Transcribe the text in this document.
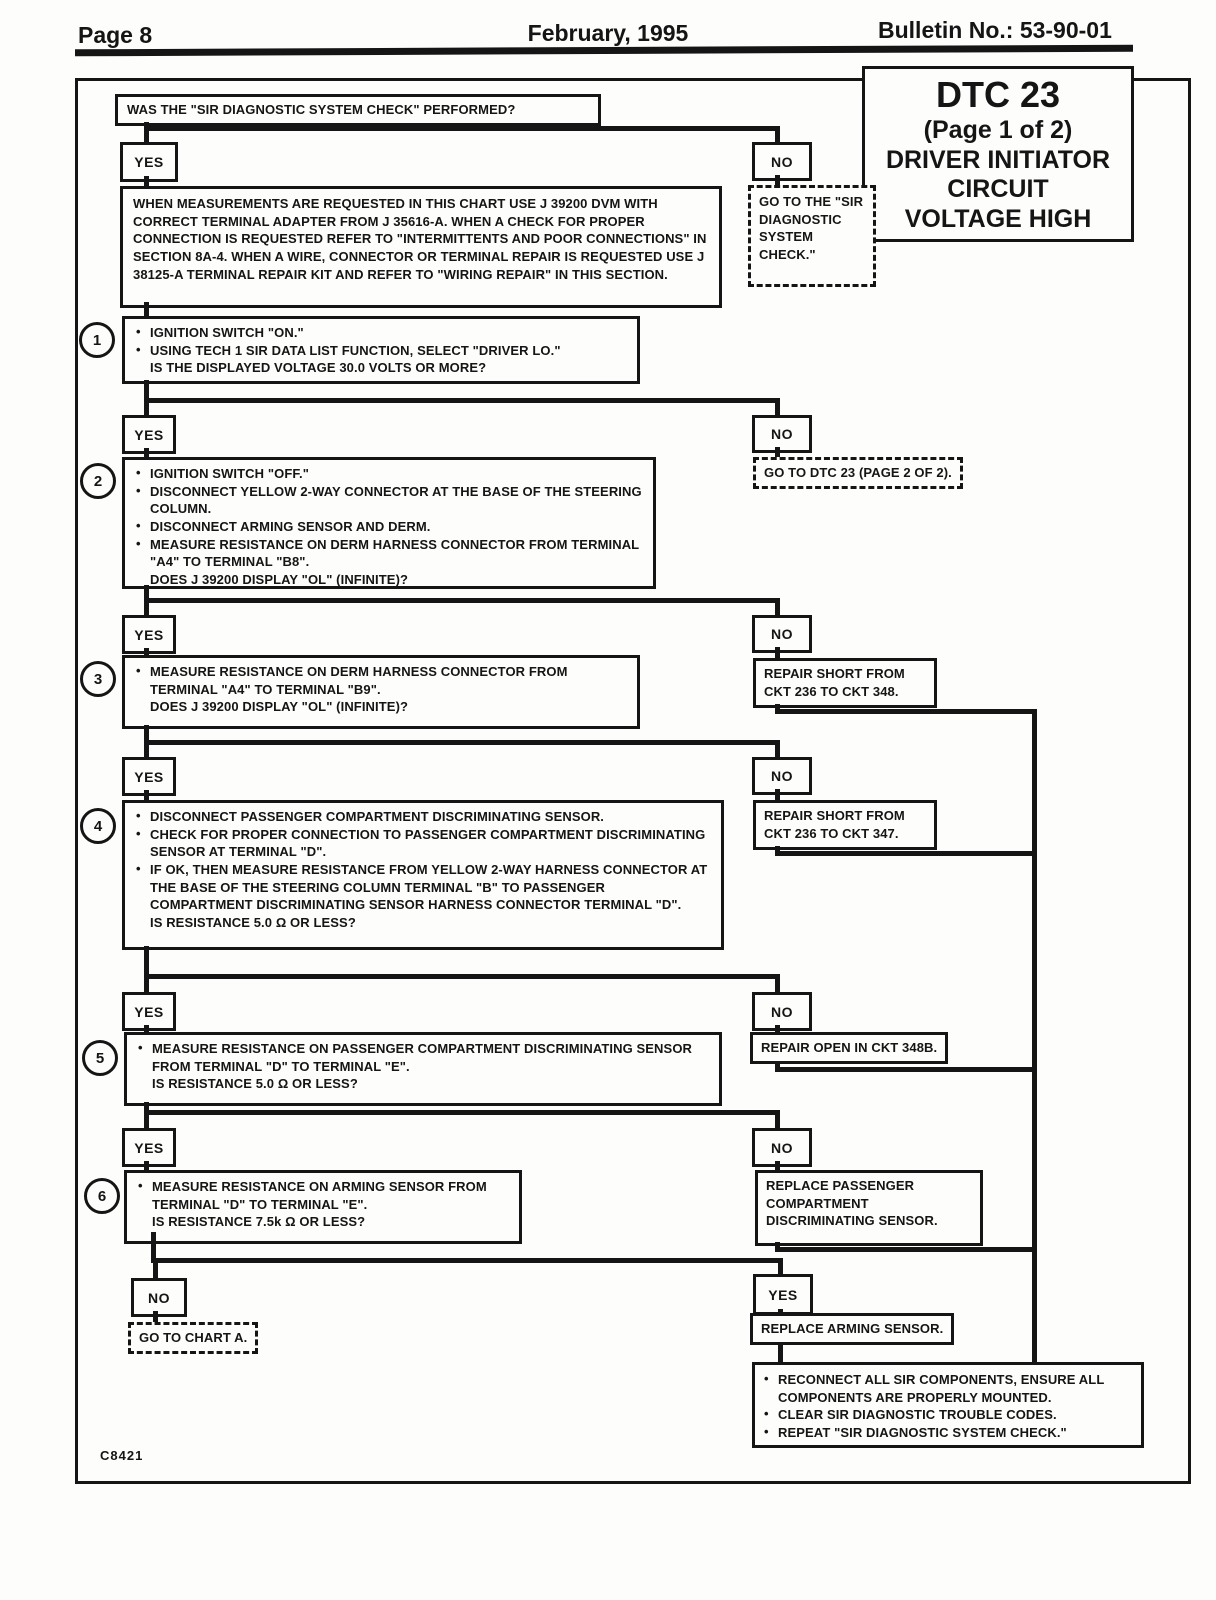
Page 8	February, 1995	Bulletin No.: 53-90-01
DTC 23
(Page 1 of 2)
DRIVER INITIATOR
CIRCUIT
VOLTAGE HIGH
WAS THE "SIR DIAGNOSTIC SYSTEM CHECK" PERFORMED?
YES	NO
GO TO THE "SIR DIAGNOSTIC SYSTEM CHECK."
WHEN MEASUREMENTS ARE REQUESTED IN THIS CHART USE J 39200 DVM WITH CORRECT TERMINAL ADAPTER FROM J 35616-A. WHEN A CHECK FOR PROPER CONNECTION IS REQUESTED REFER TO "INTERMITTENTS AND POOR CONNECTIONS" IN SECTION 8A-4. WHEN A WIRE, CONNECTOR OR TERMINAL REPAIR IS REQUESTED USE J 38125-A TERMINAL REPAIR KIT AND REFER TO "WIRING REPAIR" IN THIS SECTION.
1	• IGNITION SWITCH "ON."
• USING TECH 1 SIR DATA LIST FUNCTION, SELECT "DRIVER LO."
IS THE DISPLAYED VOLTAGE 30.0 VOLTS OR MORE?
YES	NO
GO TO DTC 23 (PAGE 2 OF 2).
2	• IGNITION SWITCH "OFF."
• DISCONNECT YELLOW 2-WAY CONNECTOR AT THE BASE OF THE STEERING COLUMN.
• DISCONNECT ARMING SENSOR AND DERM.
• MEASURE RESISTANCE ON DERM HARNESS CONNECTOR FROM TERMINAL "A4" TO TERMINAL "B8".
DOES J 39200 DISPLAY "OL" (INFINITE)?
YES	NO
REPAIR SHORT FROM CKT 236 TO CKT 348.
3	• MEASURE RESISTANCE ON DERM HARNESS CONNECTOR FROM TERMINAL "A4" TO TERMINAL "B9".
DOES J 39200 DISPLAY "OL" (INFINITE)?
YES	NO
REPAIR SHORT FROM CKT 236 TO CKT 347.
4
• DISCONNECT PASSENGER COMPARTMENT DISCRIMINATING SENSOR.
• CHECK FOR PROPER CONNECTION TO PASSENGER COMPARTMENT DISCRIMINATING SENSOR AT TERMINAL "D".
• IF OK, THEN MEASURE RESISTANCE FROM YELLOW 2-WAY HARNESS CONNECTOR AT THE BASE OF THE STEERING COLUMN TERMINAL "B" TO PASSENGER COMPARTMENT DISCRIMINATING SENSOR HARNESS CONNECTOR TERMINAL "D".
IS RESISTANCE 5.0 Ω OR LESS?
YES	NO
REPAIR OPEN IN CKT 348B.
5
• MEASURE RESISTANCE ON PASSENGER COMPARTMENT DISCRIMINATING SENSOR FROM TERMINAL "D" TO TERMINAL "E".
IS RESISTANCE 5.0 Ω OR LESS?
YES	NO
REPLACE PASSENGER COMPARTMENT DISCRIMINATING SENSOR.
6
• MEASURE RESISTANCE ON ARMING SENSOR FROM TERMINAL "D" TO TERMINAL "E".
IS RESISTANCE 7.5k Ω OR LESS?
NO	YES
GO TO CHART A.
REPLACE ARMING SENSOR.
• RECONNECT ALL SIR COMPONENTS, ENSURE ALL COMPONENTS ARE PROPERLY MOUNTED.
• CLEAR SIR DIAGNOSTIC TROUBLE CODES.
• REPEAT "SIR DIAGNOSTIC SYSTEM CHECK."
C8421
